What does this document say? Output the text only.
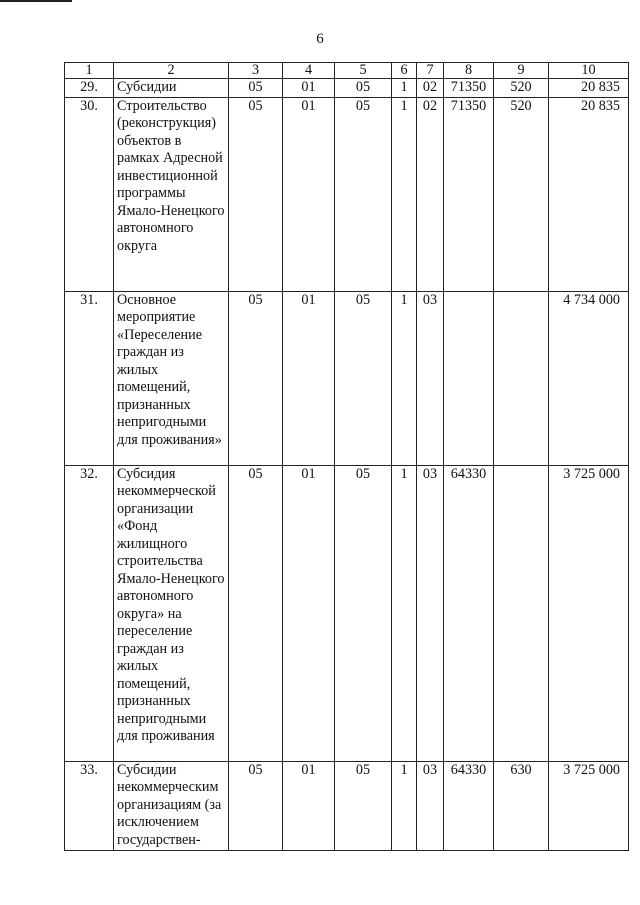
6
1	2	3	4	5	6	7	8	9	10
29.	Субсидии	05	01	05	1	02	71350	520	20 835
30.	Строительство (реконструкция) объектов в рамках Адресной инвестиционной программы Ямало-Ненецкого автономного округа	05	01	05	1	02	71350	520	20 835
31.	Основное мероприятие «Переселение граждан из жилых помещений, признанных непригодными для проживания»	05	01	05	1	03			4 734 000
32.	Субсидия некоммерческой организации «Фонд жилищного строительства Ямало-Ненецкого автономного округа» на переселение граждан из жилых помещений, признанных непригодными для проживания	05	01	05	1	03	64330		3 725 000
33.	Субсидии некоммерческим организациям (за исключением государствен-	05	01	05	1	03	64330	630	3 725 000
